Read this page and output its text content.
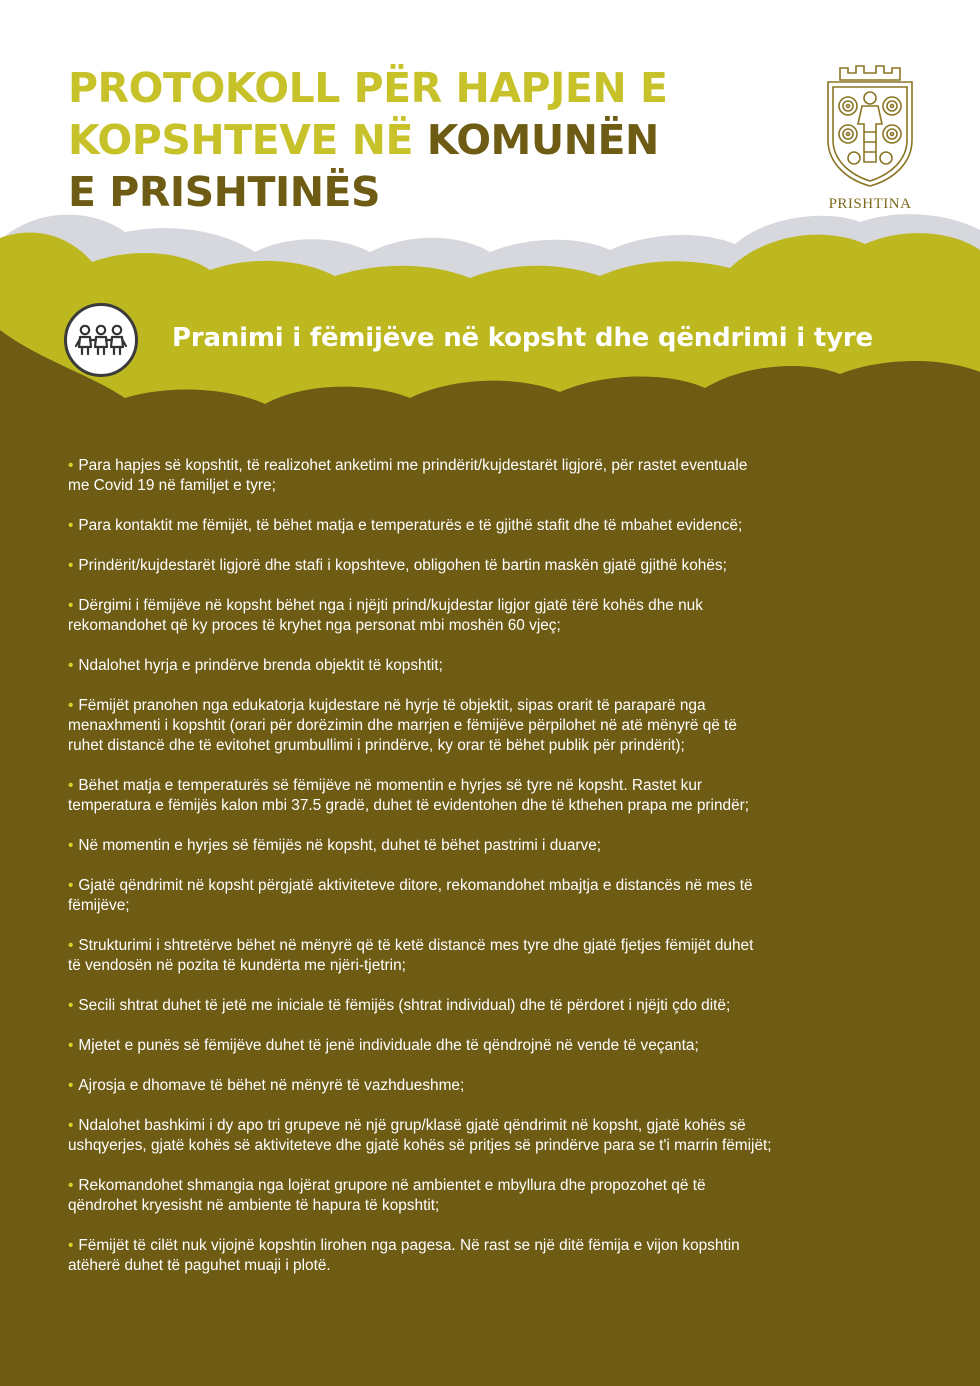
PROTOKOLL PËR HAPJEN E
KOPSHTEVE NË KOMUNËN
E PRISHTINËS	PRISHTINA
Pranimi i fëmijëve në kopsht dhe qëndrimi i tyre
• Para hapjes së kopshtit, të realizohet anketimi me prindërit/kujdestarët ligjorë, për rastet eventuale
me Covid 19 në familjet e tyre;
• Para kontaktit me fëmijët, të bëhet matja e temperaturës e të gjithë stafit dhe të mbahet evidencë;
• Prindërit/kujdestarët ligjorë dhe stafi i kopshteve, obligohen të bartin maskën gjatë gjithë kohës;
• Dërgimi i fëmijëve në kopsht bëhet nga i njëjti prind/kujdestar ligjor gjatë tërë kohës dhe nuk
rekomandohet që ky proces të kryhet nga personat mbi moshën 60 vjeç;
• Ndalohet hyrja e prindërve brenda objektit të kopshtit;
• Fëmijët pranohen nga edukatorja kujdestare në hyrje të objektit, sipas orarit të paraparë nga
menaxhmenti i kopshtit (orari për dorëzimin dhe marrjen e fëmijëve përpilohet në atë mënyrë që të
ruhet distancë dhe të evitohet grumbullimi i prindërve, ky orar të bëhet publik për prindërit);
• Bëhet matja e temperaturës së fëmijëve në momentin e hyrjes së tyre në kopsht. Rastet kur
temperatura e fëmijës kalon mbi 37.5 gradë, duhet të evidentohen dhe të kthehen prapa me prindër;
• Në momentin e hyrjes së fëmijës në kopsht, duhet të bëhet pastrimi i duarve;
• Gjatë qëndrimit në kopsht përgjatë aktiviteteve ditore, rekomandohet mbajtja e distancës në mes të
fëmijëve;
• Strukturimi i shtretërve bëhet në mënyrë që të ketë distancë mes tyre dhe gjatë fjetjes fëmijët duhet
të vendosën në pozita të kundërta me njëri-tjetrin;
• Secili shtrat duhet të jetë me iniciale të fëmijës (shtrat individual) dhe të përdoret i njëjti çdo ditë;
• Mjetet e punës së fëmijëve duhet të jenë individuale dhe të qëndrojnë në vende të veçanta;
• Ajrosja e dhomave të bëhet në mënyrë të vazhdueshme;
• Ndalohet bashkimi i dy apo tri grupeve në një grup/klasë gjatë qëndrimit në kopsht, gjatë kohës së
ushqyerjes, gjatë kohës së aktiviteteve dhe gjatë kohës së pritjes së prindërve para se t'i marrin fëmijët;
• Rekomandohet shmangia nga lojërat grupore në ambientet e mbyllura dhe propozohet që të
qëndrohet kryesisht në ambiente të hapura të kopshtit;
• Fëmijët të cilët nuk vijojnë kopshtin lirohen nga pagesa. Në rast se një ditë fëmija e vijon kopshtin
atëherë duhet të paguhet muaji i plotë.
